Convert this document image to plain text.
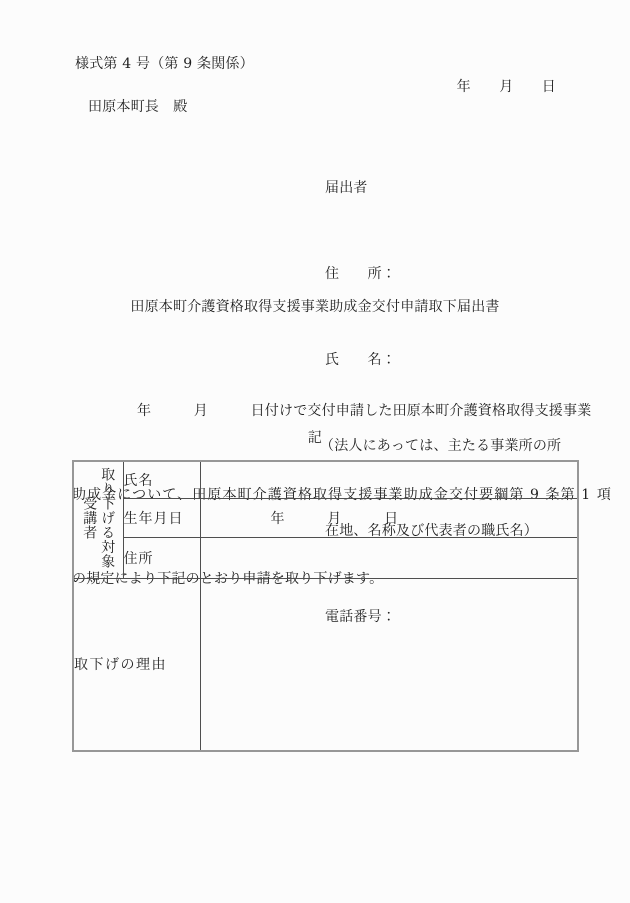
様式第 4 号（第 9 条関係）
年　　月　　日
田原本町長　殿

届出者

住　　所：

氏　　名：

（法人にあっては、主たる事業所の所

在地、名称及び代表者の職氏名）

電話番号：

田原本町介護資格取得支援事業助成金交付申請取下届出書

年　　　月　　　日付けで交付申請した田原本町介護資格取得支援事業

助成金について、田原本町介護資格取得支援事業助成金交付要綱第 9 条第 1 項

の規定により下記のとおり申請を取り下げます。

記
取り下げる対象
受講者	氏名	
	生年月日	年　　　月　　　日
	住所	
取下げの理由		
